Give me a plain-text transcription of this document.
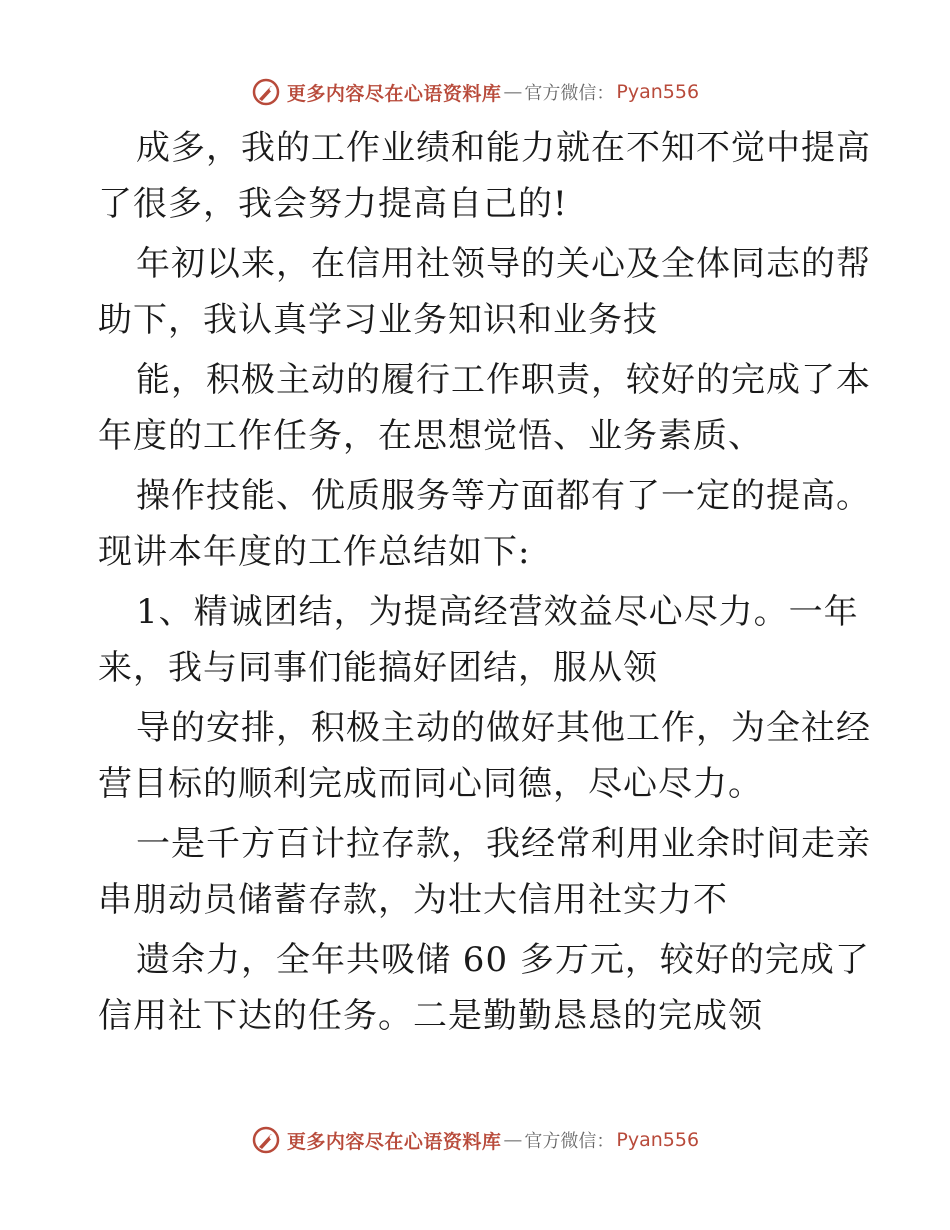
更多内容尽在心语资料库 — 官方微信： Pyan556
成多，我的工作业绩和能力就在不知不觉中提高
了很多，我会努力提高自己的!
年初以来，在信用社领导的关心及全体同志的帮
助下，我认真学习业务知识和业务技
能，积极主动的履行工作职责，较好的完成了本
年度的工作任务，在思想觉悟、业务素质、
操作技能、优质服务等方面都有了一定的提高。
现讲本年度的工作总结如下:
1、精诚团结，为提高经营效益尽心尽力。一年
来，我与同事们能搞好团结，服从领
导的安排，积极主动的做好其他工作，为全社经
营目标的顺利完成而同心同德，尽心尽力。
一是千方百计拉存款，我经常利用业余时间走亲
串朋动员储蓄存款，为壮大信用社实力不
遗余力，全年共吸储 60 多万元，较好的完成了
信用社下达的任务。二是勤勤恳恳的完成领
更多内容尽在心语资料库 — 官方微信： Pyan556
